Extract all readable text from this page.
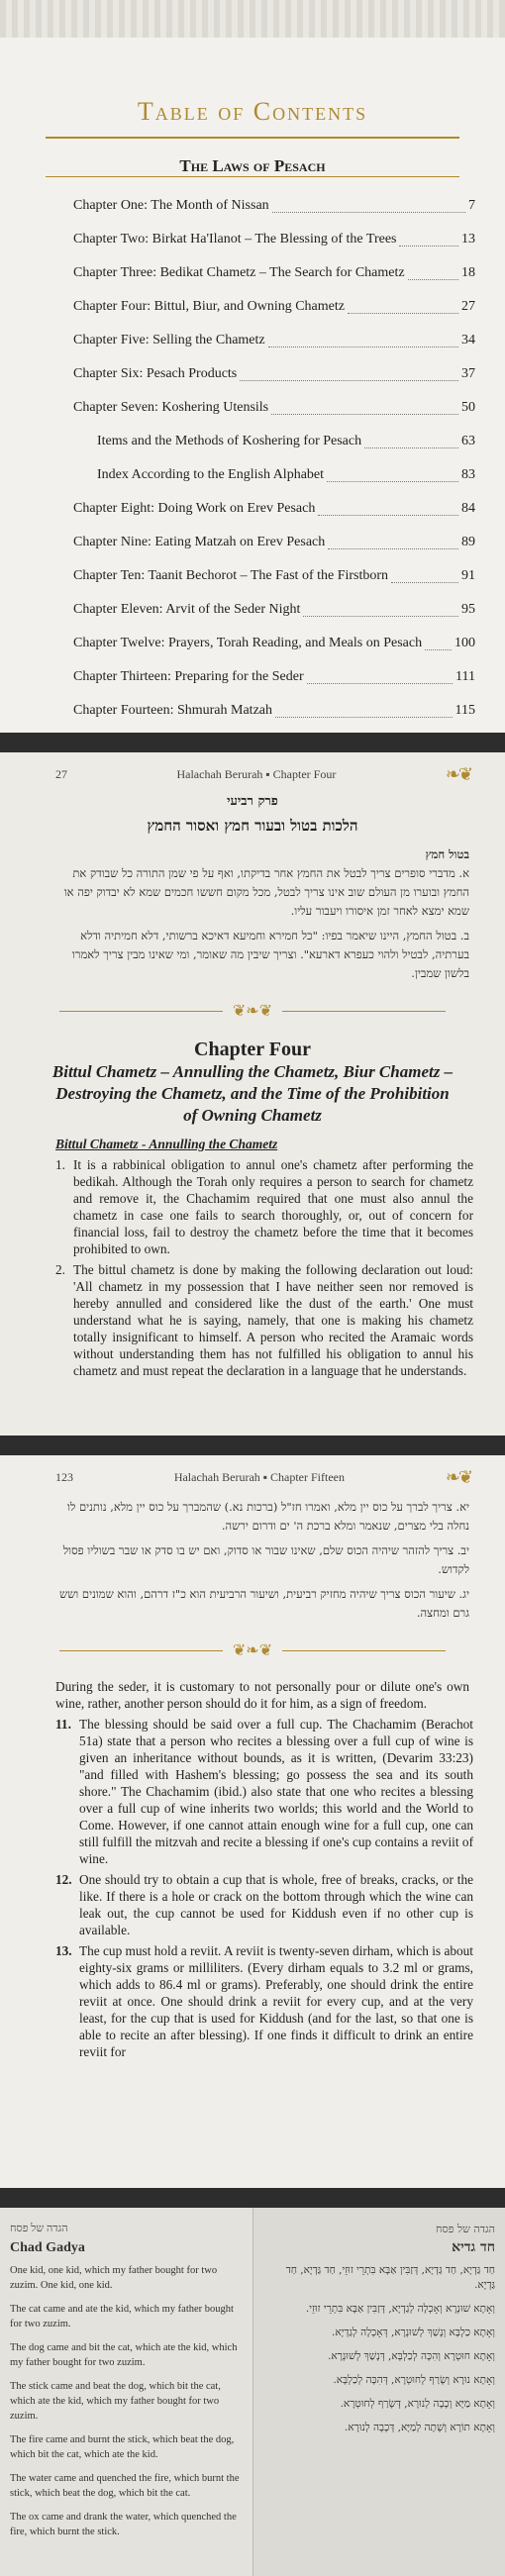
Table of Contents
The Laws of Pesach
Chapter One: The Month of Nissan	7
Chapter Two: Birkat Ha'Ilanot – The Blessing of the Trees	13
Chapter Three: Bedikat Chametz – The Search for Chametz	18
Chapter Four: Bittul, Biur, and Owning Chametz	27
Chapter Five: Selling the Chametz	34
Chapter Six: Pesach Products	37
Chapter Seven: Koshering Utensils	50
Items and the Methods of Koshering for Pesach	63
Index According to the English Alphabet	83
Chapter Eight: Doing Work on Erev Pesach	84
Chapter Nine: Eating Matzah on Erev Pesach	89
Chapter Ten: Taanit Bechorot – The Fast of the Firstborn	91
Chapter Eleven: Arvit of the Seder Night	95
Chapter Twelve: Prayers, Torah Reading, and Meals on Pesach 100
Chapter Thirteen: Preparing for the Seder	111
Chapter Fourteen: Shmurah Matzah	115
27	Halachah Berurah ▪ Chapter Four	❧❦
פרק רביעי
הלכות בטול ובעור חמץ ואסור החמץ
בטול חמץ
א. מדברי סופרים צריך לבטל את החמץ אחר בדיקתו, ואף על פי שמן התורה כל שבודק את החמץ ובוערו מן העולם שוב אינו צריך לבטל, מכל מקום חששו חכמים שמא לא יבדוק יפה או שמא ימצא לאחר זמן איסורו ויעבור עליו.
ב. בטול החמץ, היינו שיאמר בפיו: "כל חמירא וחמיעא דאיכא ברשותי, דלא חמיתיה ודלא בערתיה, לבטיל ולהוי כעפרא דארעא". וצריך שיבין מה שאומר, ומי שאינו מבין צריך לאמרו בלשון שמבין.
❦❧❦
Chapter Four
Bittul Chametz – Annulling the Chametz, Biur Chametz – Destroying the Chametz, and the Time of the Prohibition of Owning Chametz
Bittul Chametz - Annulling the Chametz
1. It is a rabbinical obligation to annul one's chametz after performing the bedikah. Although the Torah only requires a person to search for chametz and remove it, the Chachamim required that one must also annul the chametz in case one fails to search thoroughly, or, out of concern for financial loss, fail to destroy the chametz before the time that it becomes prohibited to own.
2. The bittul chametz is done by making the following declaration out loud: 'All chametz in my possession that I have neither seen nor removed is hereby annulled and considered like the dust of the earth.' One must understand what he is saying, namely, that one is making his chametz totally insignificant to himself. A person who recited the Aramaic words without understanding them has not fulfilled his obligation to annul his chametz and must repeat the declaration in a language that he understands.
123	Halachah Berurah ▪ Chapter Fifteen	❧❦
יא. צריך לברך על כוס יין מלא, ואמרו חז"ל (ברכות נא.) שהמברך על כוס יין מלא, נותנים לו נחלה בלי מצרים, שנאמר ומלא ברכת ה' ים ודרום ירשה.
יב. צריך להזהר שיהיה הכוס שלם, שאינו שבור או סדוק, ואם יש בו סדק או שבר בשוליו פסול לקדוש.
יג. שיעור הכוס צריך שיהיה מחזיק רביעית, ושיעור הרביעית הוא כ"ז דרהם, והוא שמונים ושש גרם ומחצה.
❦❧❦
During the seder, it is customary to not personally pour or dilute one's own wine, rather, another person should do it for him, as a sign of freedom.
11. The blessing should be said over a full cup. The Chachamim (Berachot 51a) state that a person who recites a blessing over a full cup of wine is given an inheritance without bounds, as it is written, (Devarim 33:23) "and filled with Hashem's blessing; go possess the sea and its south shore." The Chachamim (ibid.) also state that one who recites a blessing over a full cup of wine inherits two worlds; this world and the World to Come. However, if one cannot attain enough wine for a full cup, one can still fulfill the mitzvah and recite a blessing if one's cup contains a reviit of wine.
12. One should try to obtain a cup that is whole, free of breaks, cracks, or the like. If there is a hole or crack on the bottom through which the wine can leak out, the cup cannot be used for Kiddush even if no other cup is available.
13. The cup must hold a reviit. A reviit is twenty-seven dirham, which is about eighty-six grams or milliliters. (Every dirham equals to 3.2 ml or grams, which adds to 86.4 ml or grams). Preferably, one should drink the entire reviit at once. One should drink a reviit for every cup, and at the very least, for the cup that is used for Kiddush (and for the last, so that one is able to recite an after blessing). If one finds it difficult to drink an entire reviit for
הגדה של פסח
Chad Gadya
One kid, one kid, which my father bought for two zuzim. One kid, one kid.
The cat came and ate the kid, which my father bought for two zuzim.
The dog came and bit the cat, which ate the kid, which my father bought for two zuzim.
The stick came and beat the dog, which bit the cat, which ate the kid, which my father bought for two zuzim.
The fire came and burnt the stick, which beat the dog, which bit the cat, which ate the kid.
The water came and quenched the fire, which burnt the stick, which beat the dog, which bit the cat.
The ox came and drank the water, which quenched the fire, which burnt the stick.
הגדה של פסח
חד גדיא
חַד גַּדְיָא, חַד גַּדְיָא, דְּזַבִּין אַבָּא בִּתְרֵי זוּזֵי, חַד גַּדְיָא, חַד גַּדְיָא.
וְאָתָא שׁוּנְרָא וְאָכְלָה לְגַדְיָא, דְּזַבִּין אַבָּא בִּתְרֵי זוּזֵי.
וְאָתָא כַלְבָּא וְנָשַׁךְ לְשׁוּנְרָא, דְּאָכְלָה לְגַדְיָא.
וְאָתָא חוּטְרָא וְהִכָּה לְכַלְבָּא, דְּנָשַׁךְ לְשׁוּנְרָא.
וְאָתָא נוּרָא וְשָׂרַף לְחוּטְרָא, דְּהִכָּה לְכַלְבָּא.
וְאָתָא מַיָּא וְכָבָה לְנוּרָא, דְּשָׂרַף לְחוּטְרָא.
וְאָתָא תוֹרָא וְשָׁתָה לְמַיָּא, דְּכָבָה לְנוּרָא.
